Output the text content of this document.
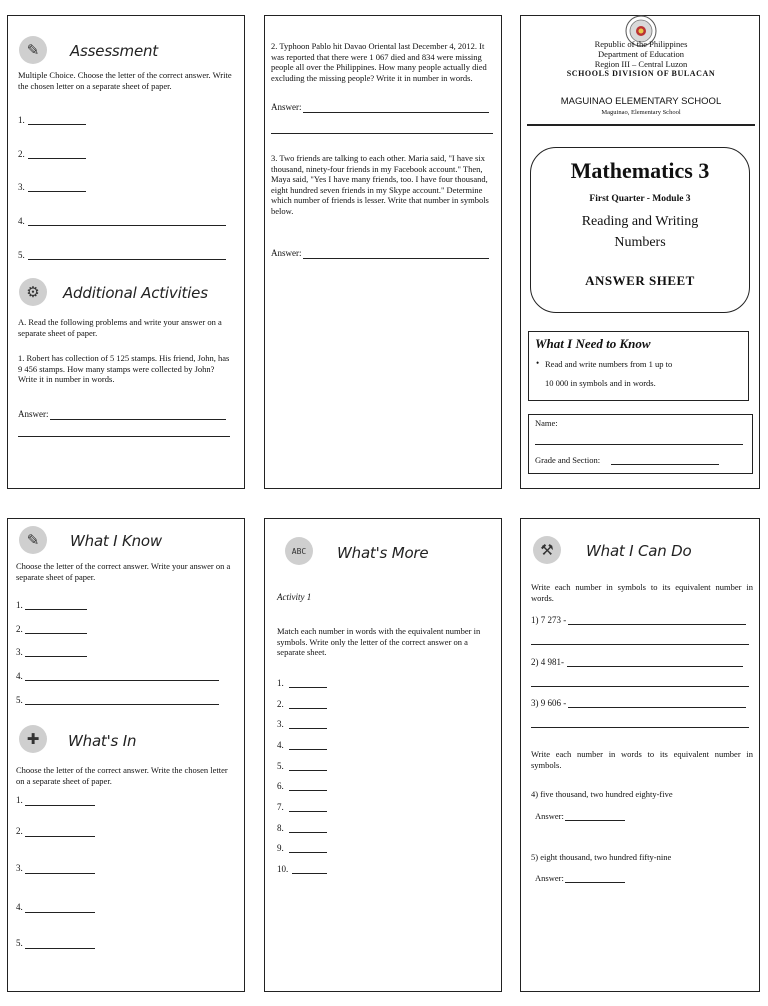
✎	Assessment
Multiple Choice. Choose the letter of the correct answer. Write the chosen letter on a separate sheet of paper.
1.
2.
3.
4.
5.
⚙	Additional Activities
A. Read the following problems and write your answer on a separate sheet of paper.
1. Robert has collection of 5 125 stamps. His friend, John, has 9 456 stamps. How many stamps were collected by John? Write it in number in words.
Answer:
2. Typhoon Pablo hit Davao Oriental last December 4, 2012. It was reported that there were 1 067 died and 834 were missing people all over the Philippines. How many people actually died excluding the missing people? Write it in number in words.
Answer:
3. Two friends are talking to each other. Maria said, "I have six thousand, ninety-four friends in my Facebook account." Then, Maya said, "Yes I have many friends, too. I have four thousand, eight hundred seven friends in my Skype account." Determine which number of friends is lesser. Write that number in symbols below.
Answer:
Republic of the Philippines
Department of Education
Region III – Central Luzon
SCHOOLS DIVISION OF BULACAN
MAGUINAO ELEMENTARY SCHOOL
Maguinao, Elementary School
Mathematics 3
First Quarter - Module 3
Reading and Writing
Numbers
ANSWER SHEET
What I Need to Know
• Read and write numbers from 1 up to
10 000 in symbols and in words.
Name:
Grade and Section:
✎	What I Know
Choose the letter of the correct answer. Write your answer on a separate sheet of paper.
1.
2.
3.
4.
5.
✚	What's In
Choose the letter of the correct answer. Write the chosen letter on a separate sheet of paper.
1.
2.
3.
4.
5.
ABC	What's More
Activity 1
Match each number in words with the equivalent number in symbols. Write only the letter of the correct answer on a separate sheet.
1.
2.
3.
4.
5.
6.
7.
8.
9.
10.
⚒	What I Can Do
Write each number in symbols to its equivalent number in words.
1) 7 273 -
2) 4 981-
3) 9 606 -
Write each number in words to its equivalent number in symbols.
4) five thousand, two hundred eighty-five
Answer:
5) eight thousand, two hundred fifty-nine
Answer:
